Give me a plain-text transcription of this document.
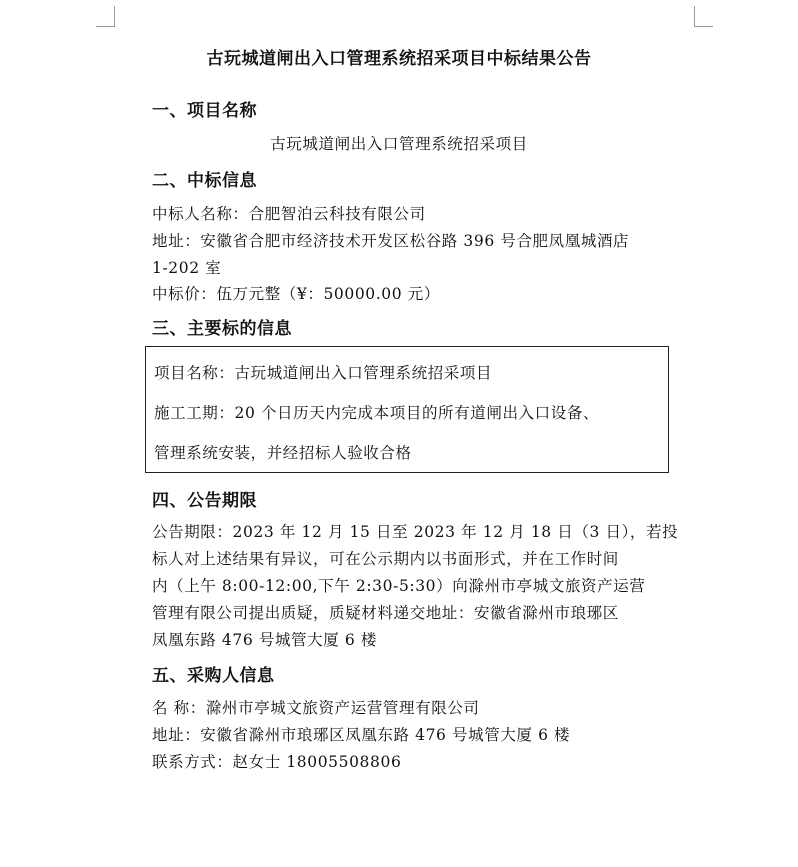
古玩城道闸出入口管理系统招采项目中标结果公告
一、项目名称
古玩城道闸出入口管理系统招采项目
二、中标信息
中标人名称：合肥智泊云科技有限公司
地址：安徽省合肥市经济技术开发区松谷路 396 号合肥凤凰城酒店
1-202 室
中标价：伍万元整（¥：50000.00 元）
三、主要标的信息
项目名称：古玩城道闸出入口管理系统招采项目
施工工期：20 个日历天内完成本项目的所有道闸出入口设备、
管理系统安装，并经招标人验收合格
四、公告期限
公告期限：2023 年 12 月 15 日至 2023 年 12 月 18 日（3 日），若投
标人对上述结果有异议，可在公示期内以书面形式，并在工作时间
内（上午 8:00-12:00,下午 2:30-5:30）向滁州市亭城文旅资产运营
管理有限公司提出质疑，质疑材料递交地址：安徽省滁州市琅琊区
凤凰东路 476 号城管大厦 6 楼
五、采购人信息
名 称：滁州市亭城文旅资产运营管理有限公司
地址：安徽省滁州市琅琊区凤凰东路 476 号城管大厦 6 楼
联系方式：赵女士 18005508806
